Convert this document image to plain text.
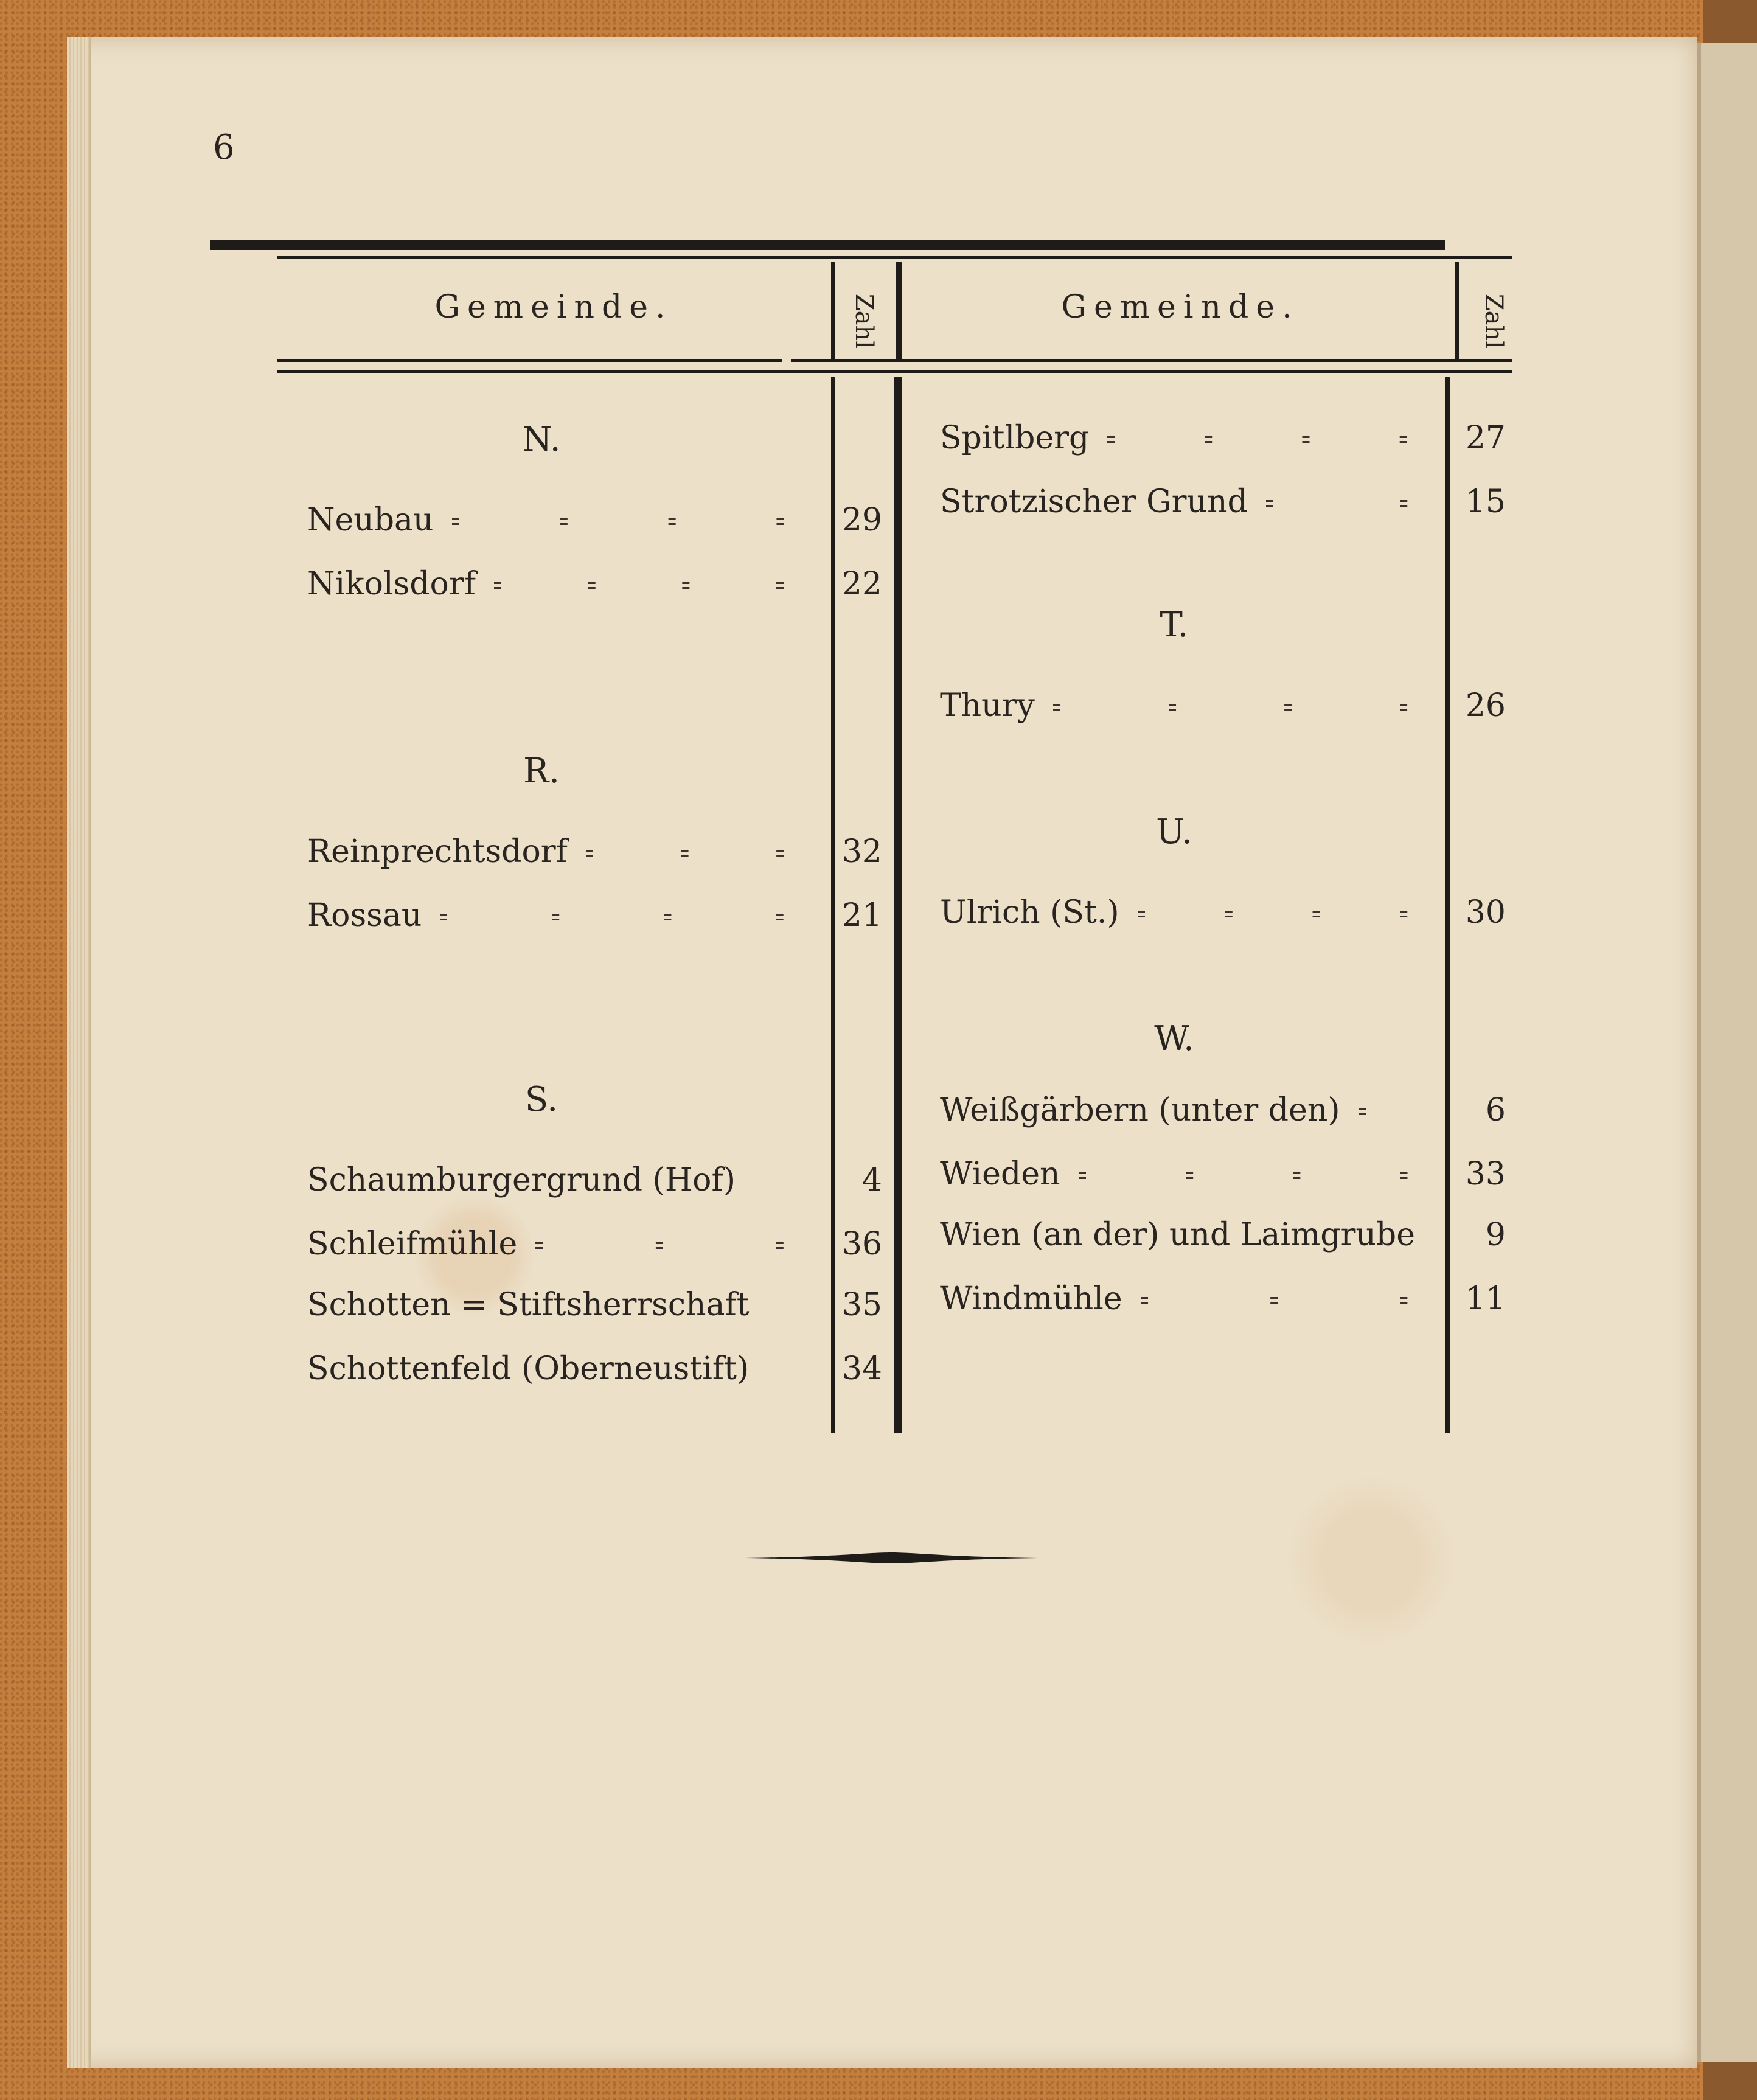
6
Gemeinde.	Zahl	Gemeinde.	Zahl
N.
Neubau	29
Nikolsdorf	22
R.
Reinprechtsdorf	32
Rossau	21
S.
Schaumburgergrund (Hof)	4
Schleifmühle	36
Schotten = Stiftsherrschaft	35
Schottenfeld (Oberneustift)	34
Spitlberg	27
Strotzischer Grund	15
T.
Thury	26
U.
Ulrich (St.)	30
W.
Weißgärbern (unter den)	6
Wieden	33
Wien (an der) und Laimgrube	9
Windmühle	11
